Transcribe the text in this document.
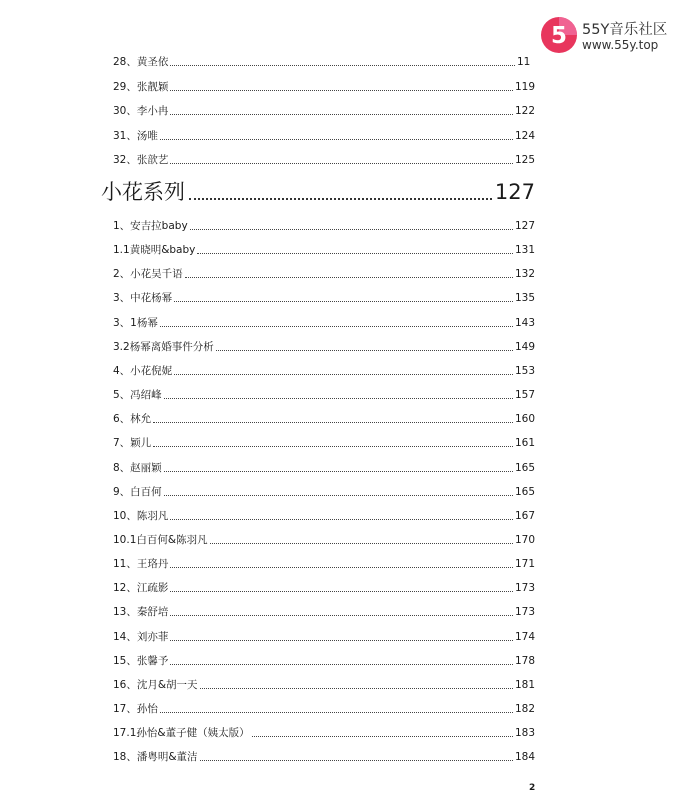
28、黄圣依	11
29、张靓颖	119
30、李小冉	122
31、汤唯	124
32、张歆艺	125
小花系列	127
1、安吉拉baby	127
1.1黄晓明&baby	131
2、小花吴千语	132
3、中花杨幂	135
3、1杨幂	143
3.2杨幂离婚事件分析	149
4、小花倪妮	153
5、冯绍峰	157
6、林允	160
7、颖儿	161
8、赵丽颖	165
9、白百何	165
10、陈羽凡	167
10.1白百何&陈羽凡	170
11、王珞丹	171
12、江疏影	173
13、秦舒培	173
14、刘亦菲	174
15、张馨予	178
16、沈月&胡一天	181
17、孙怡	182
17.1孙怡&董子健（姨太版）	183
18、潘粤明&董洁	184
5 55Y音乐社区
www.55y.top
2
